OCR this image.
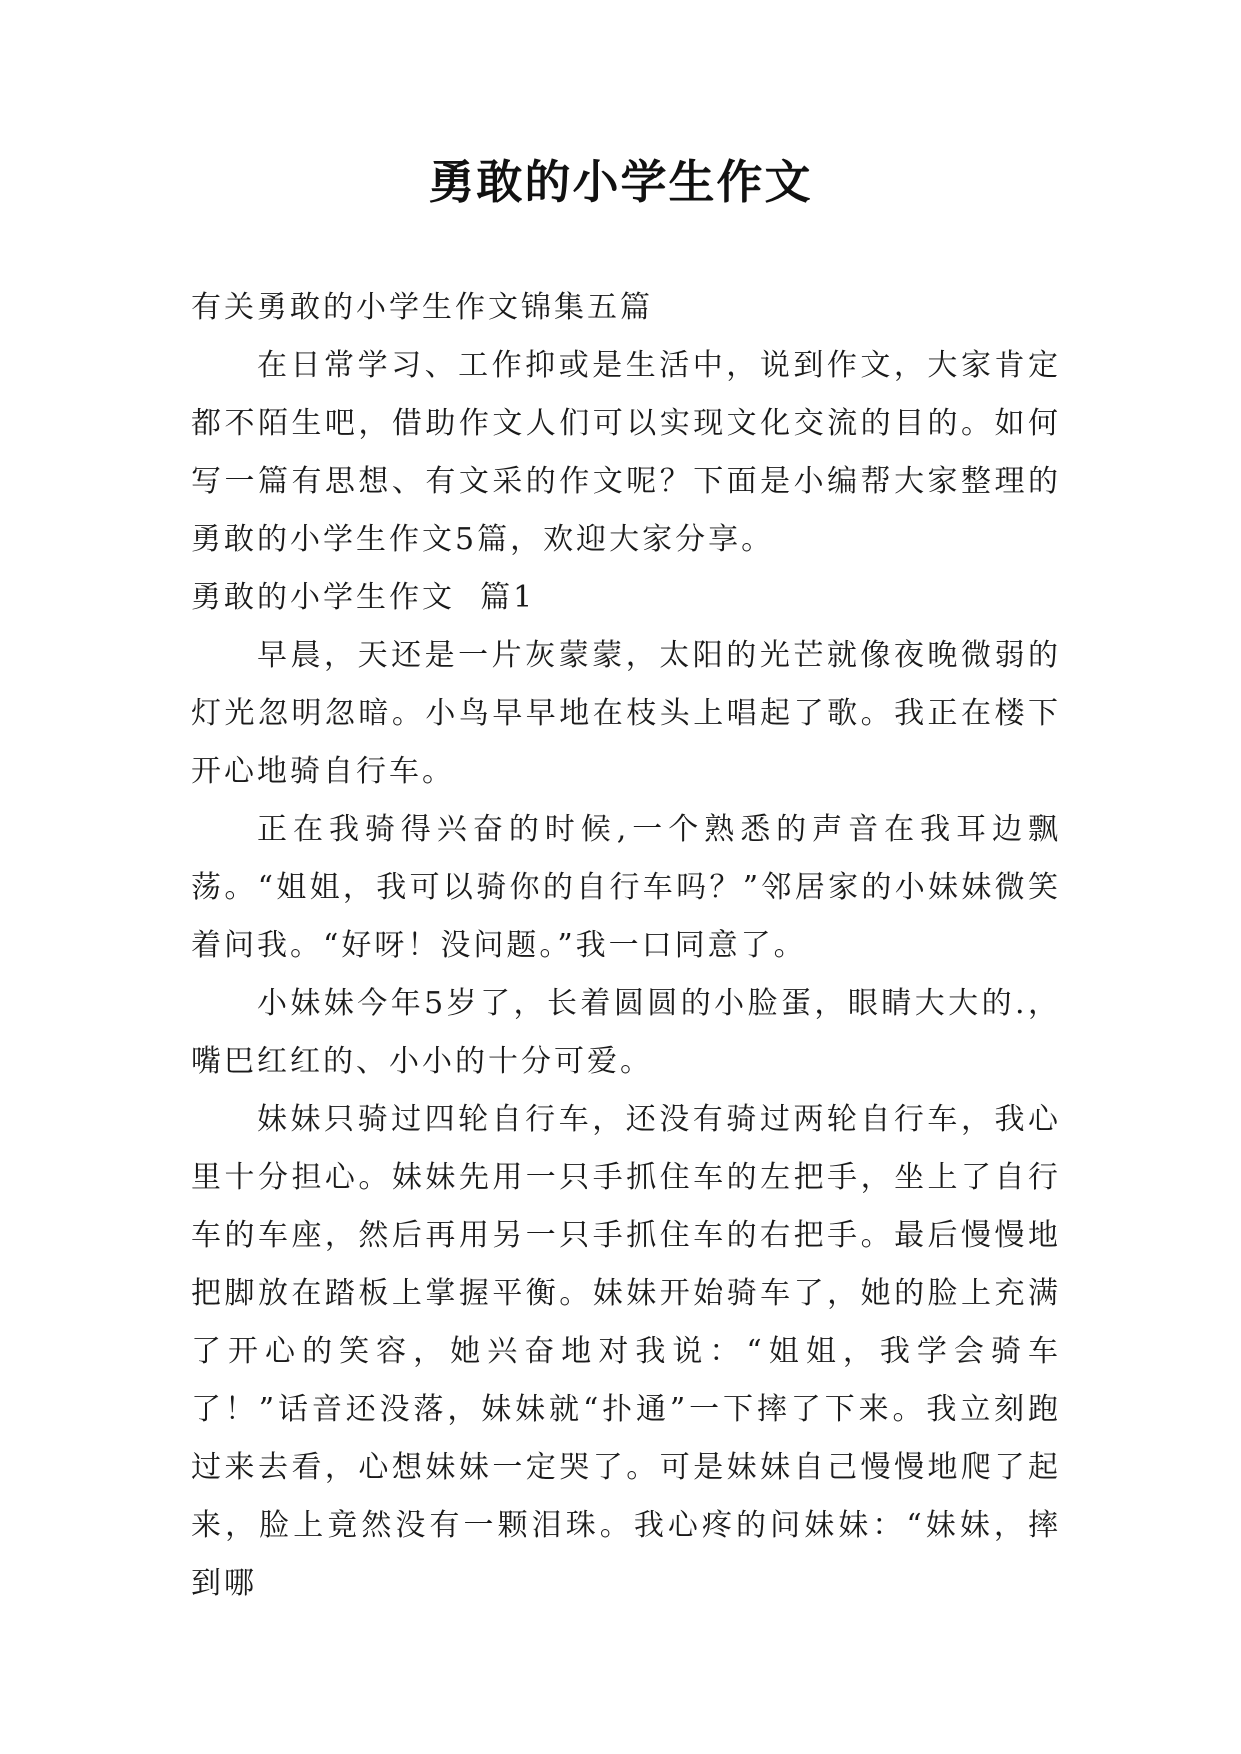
勇敢的小学生作文

有关勇敢的小学生作文锦集五篇

在日常学习、工作抑或是生活中，说到作文，大家肯定都不陌生吧，借助作文人们可以实现文化交流的目的。如何写一篇有思想、有文采的作文呢？下面是小编帮大家整理的勇敢的小学生作文5篇，欢迎大家分享。

勇敢的小学生作文  篇1

早晨，天还是一片灰蒙蒙，太阳的光芒就像夜晚微弱的灯光忽明忽暗。小鸟早早地在枝头上唱起了歌。我正在楼下开心地骑自行车。

正在我骑得兴奋的时候,一个熟悉的声音在我耳边飘荡。“姐姐，我可以骑你的自行车吗？”邻居家的小妹妹微笑着问我。“好呀！没问题。”我一口同意了。

小妹妹今年5岁了，长着圆圆的小脸蛋，眼睛大大的.，嘴巴红红的、小小的十分可爱。

妹妹只骑过四轮自行车，还没有骑过两轮自行车，我心里十分担心。妹妹先用一只手抓住车的左把手，坐上了自行车的车座，然后再用另一只手抓住车的右把手。最后慢慢地把脚放在踏板上掌握平衡。妹妹开始骑车了，她的脸上充满了开心的笑容，她兴奋地对我说：“姐姐，我学会骑车了！”话音还没落，妹妹就“扑通”一下摔了下来。我立刻跑过来去看，心想妹妹一定哭了。可是妹妹自己慢慢地爬了起来，脸上竟然没有一颗泪珠。我心疼的问妹妹：“妹妹，摔到哪
